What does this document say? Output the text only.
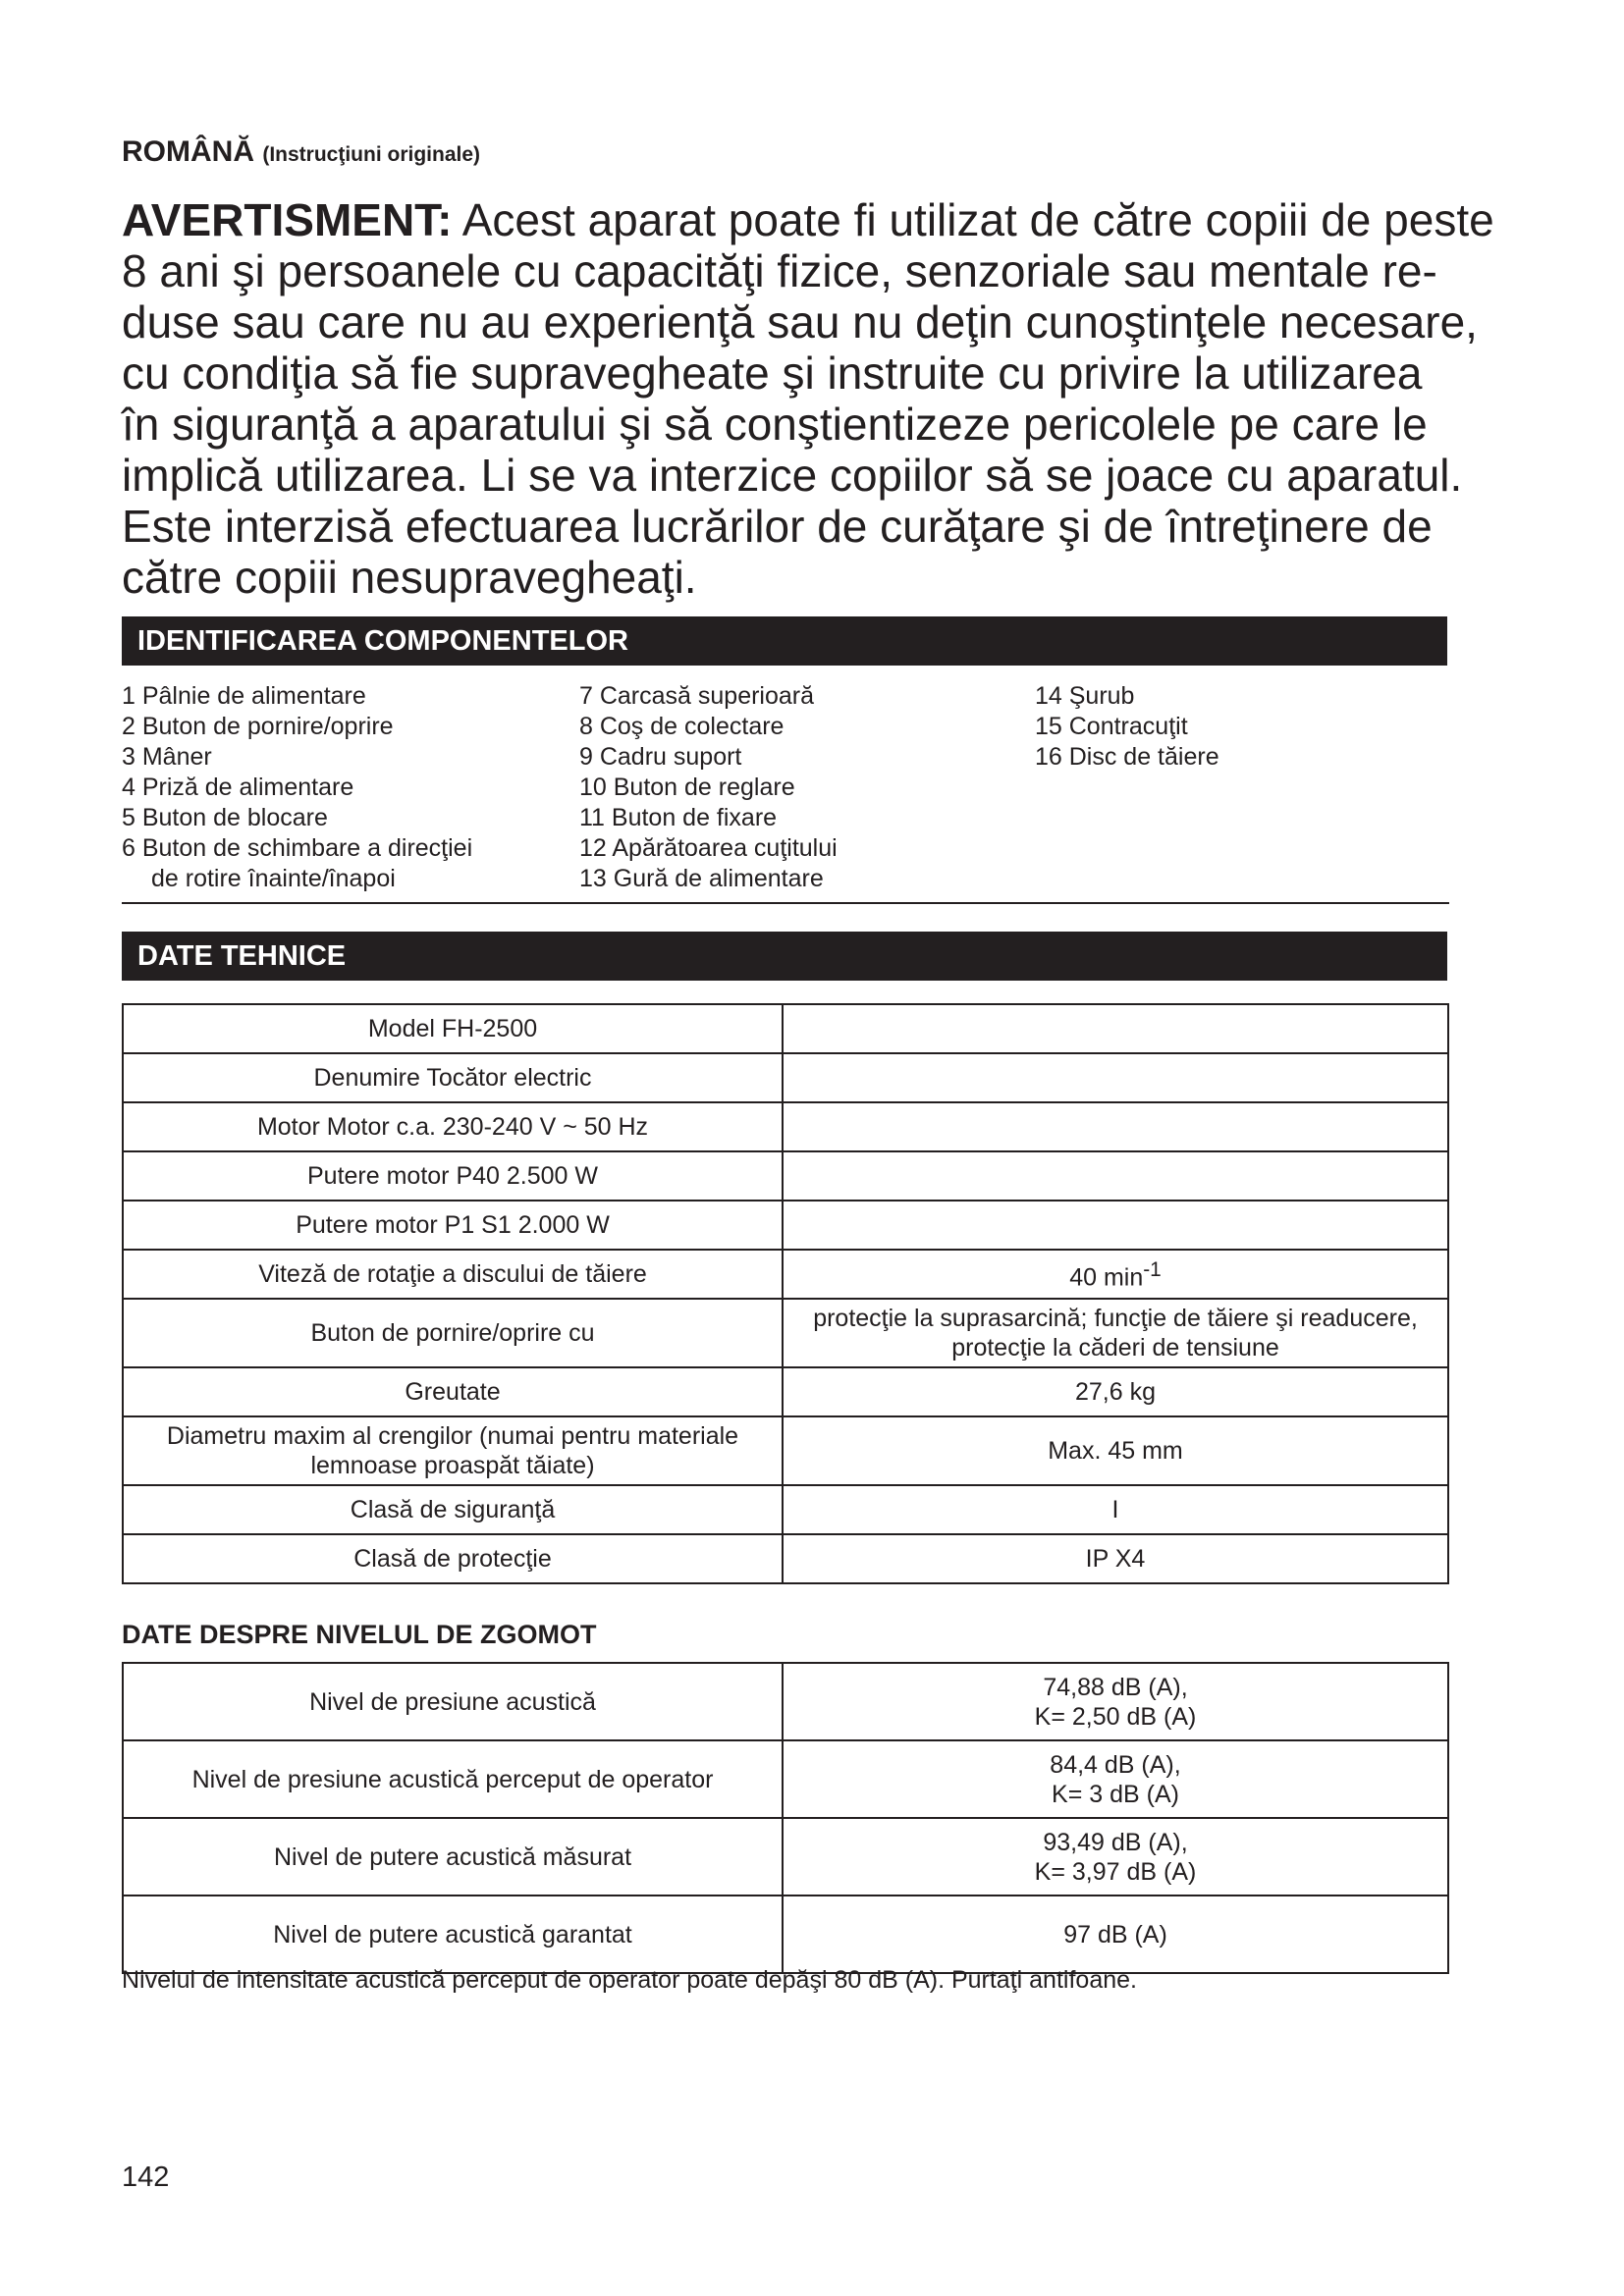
ROMÂNĂ (Instrucţiuni originale)
AVERTISMENT: Acest aparat poate fi utilizat de către copiii de peste
8 ani şi persoanele cu capacităţi fizice, senzoriale sau mentale re-
duse sau care nu au experienţă sau nu deţin cunoştinţele necesare,
cu condiţia să fie supravegheate şi instruite cu privire la utilizarea
în siguranţă a aparatului şi să conştientizeze pericolele pe care le
implică utilizarea. Li se va interzice copiilor să se joace cu aparatul.
Este interzisă efectuarea lucrărilor de curăţare şi de întreţinere de
către copiii nesupravegheaţi.
IDENTIFICAREA COMPONENTELOR
1 Pâlnie de alimentare
2 Buton de pornire/oprire
3 Mâner
4 Priză de alimentare
5 Buton de blocare
6 Buton de schimbare a direcţiei
de rotire înainte/înapoi
7 Carcasă superioară
8 Coş de colectare
9 Cadru suport
10 Buton de reglare
11 Buton de fixare
12 Apărătoarea cuţitului
13 Gură de alimentare
14 Şurub
15 Contracuţit
16 Disc de tăiere
DATE TEHNICE
Model FH-2500	
Denumire Tocător electric	
Motor Motor c.a. 230-240 V ~ 50 Hz	
Putere motor P40 2.500 W	
Putere motor P1 S1 2.000 W	
Viteză de rotaţie a discului de tăiere	40 $\min^{-1}$
Buton de pornire/oprire cu	protecţie la suprasarcină; funcţie de tăiere şi readucere,
protecţie la căderi de tensiune

Greutate	27,6 kg

Diametru maxim al crengilor (numai pentru materiale
lemnoase proaspăt tăiate)	Max. 45 mm
Clasă de siguranţă	I
Clasă de protecţie	IP X4
DATE DESPRE NIVELUL DE ZGOMOT
Nivel de presiune acustică	74,88 dB (A),
K= 2,50 dB (A)

Nivel de presiune acustică perceput de operator	84,4 dB (A),
K= 3 dB (A)

Nivel de putere acustică măsurat	93,49 dB (A),
K= 3,97 dB (A)

Nivel de putere acustică garantat	97 dB (A)
Nivelul de intensitate acustică perceput de operator poate depăşi 80 dB (A). Purtaţi antifoane.
142
